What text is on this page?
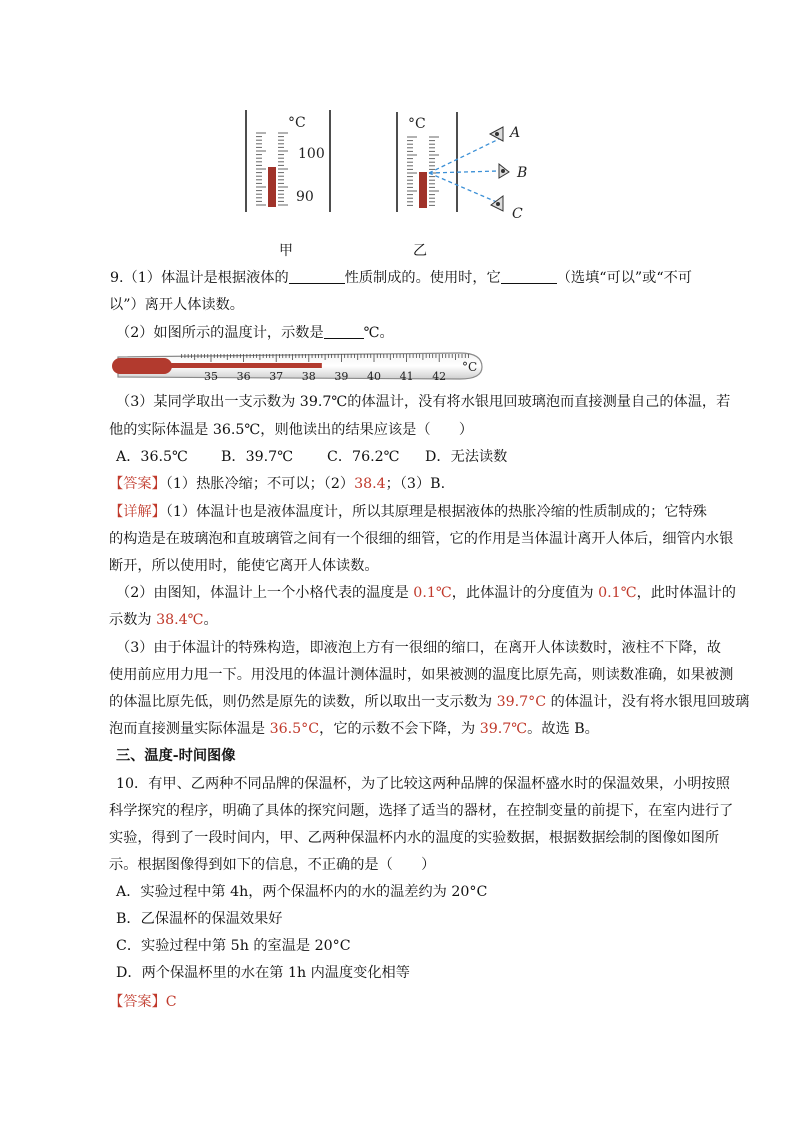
°C
100
90
°C
A
B
C
甲	乙
9.（1）体温计是根据液体的	性质制成的。使用时，它	（选填“可以”或“不可
以”）离开人体读数。
（2）如图所示的温度计，示数是	℃。
35 36 37 38 39 40 41 42
°C
（3）某同学取出一支示数为 39.7℃的体温计，没有将水银甩回玻璃泡而直接测量自己的体温，若
他的实际体温是 36.5℃，则他读出的结果应该是（　　）
A．36.5℃ B．39.7℃ C．76.2℃ D．无法读数
【答案】（1）热胀冷缩；不可以；（2）38.4；（3）B.
【详解】（1）体温计也是液体温度计，所以其原理是根据液体的热胀冷缩的性质制成的；它特殊
的构造是在玻璃泡和直玻璃管之间有一个很细的细管，它的作用是当体温计离开人体后，细管内水银
断开，所以使用时，能使它离开人体读数。
（2）由图知，体温计上一个小格代表的温度是 0.1℃，此体温计的分度值为 0.1℃，此时体温计的
示数为 38.4℃。
（3）由于体温计的特殊构造，即液泡上方有一很细的缩口，在离开人体读数时，液柱不下降，故
使用前应用力甩一下。用没甩的体温计测体温时，如果被测的温度比原先高，则读数准确，如果被测
的体温比原先低，则仍然是原先的读数，所以取出一支示数为 39.7°C 的体温计，没有将水银甩回玻璃
泡而直接测量实际体温是 36.5°C，它的示数不会下降，为 39.7℃。故选 B。
三、温度-时间图像
10．有甲、乙两种不同品牌的保温杯，为了比较这两种品牌的保温杯盛水时的保温效果，小明按照
科学探究的程序，明确了具体的探究问题，选择了适当的器材，在控制变量的前提下，在室内进行了
实验，得到了一段时间内，甲、乙两种保温杯内水的温度的实验数据，根据数据绘制的图像如图所
示。根据图像得到如下的信息，不正确的是（　　）
A．实验过程中第 4h，两个保温杯内的水的温差约为 20°C
B．乙保温杯的保温效果好
C．实验过程中第 5h 的室温是 20°C
D．两个保温杯里的水在第 1h 内温度变化相等
【答案】C
